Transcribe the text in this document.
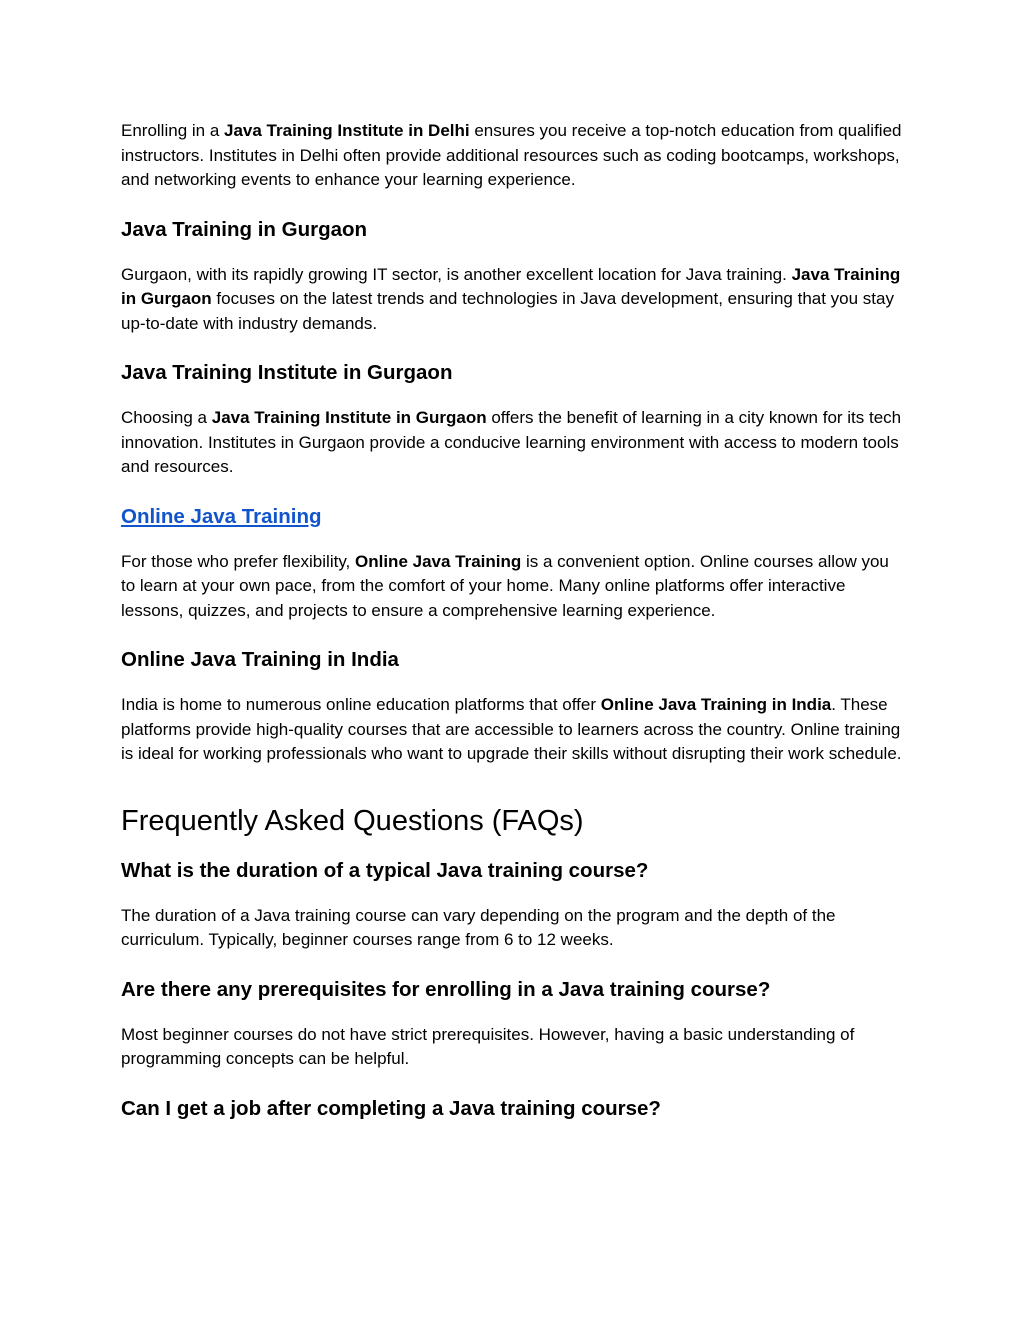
Enrolling in a Java Training Institute in Delhi ensures you receive a top-notch education from qualified instructors. Institutes in Delhi often provide additional resources such as coding bootcamps, workshops, and networking events to enhance your learning experience.

Java Training in Gurgaon

Gurgaon, with its rapidly growing IT sector, is another excellent location for Java training. Java Training in Gurgaon focuses on the latest trends and technologies in Java development, ensuring that you stay up-to-date with industry demands.

Java Training Institute in Gurgaon

Choosing a Java Training Institute in Gurgaon offers the benefit of learning in a city known for its tech innovation. Institutes in Gurgaon provide a conducive learning environment with access to modern tools and resources.

Online Java Training

For those who prefer flexibility, Online Java Training is a convenient option. Online courses allow you to learn at your own pace, from the comfort of your home. Many online platforms offer interactive lessons, quizzes, and projects to ensure a comprehensive learning experience.

Online Java Training in India

India is home to numerous online education platforms that offer Online Java Training in India. These platforms provide high-quality courses that are accessible to learners across the country. Online training is ideal for working professionals who want to upgrade their skills without disrupting their work schedule.

Frequently Asked Questions (FAQs)
What is the duration of a typical Java training course?

The duration of a Java training course can vary depending on the program and the depth of the curriculum. Typically, beginner courses range from 6 to 12 weeks.

Are there any prerequisites for enrolling in a Java training course?

Most beginner courses do not have strict prerequisites. However, having a basic understanding of programming concepts can be helpful.

Can I get a job after completing a Java training course?
